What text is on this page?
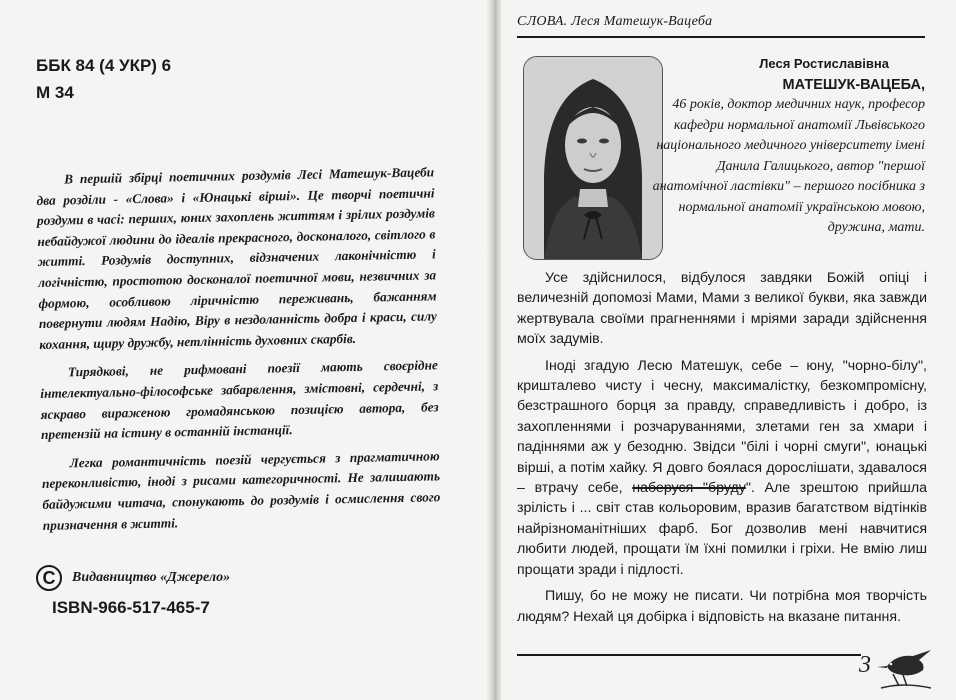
ББК 84 (4 УКР) 6
М 34

В першій збірці поетичних роздумів Лесі Матешук-Вацеби два розділи - «Слова» і «Юнацькі вірші». Це творчі поетичні роздуми в часі: перших, юних захоплень життям і зрілих роздумів небайдужої людини до ідеалів прекрасного, досконалого, світлого в житті. Роздумів доступних, відзначених лаконічністю і логічністю, простотою досконалої поетичної мови, незвичних за формою, особливою ліричністю переживань, бажанням повернути людям Надію, Віру в нездоланність добра і краси, силу кохання, щиру дружбу, нетлінність духовних скарбів.

Тирядкові, не рифмовані поезії мають своєрідне інтелектуально-філософське забарвлення, змістовні, сердечні, з яскраво вираженою громадянською позицією автора, без претензій на істину в останній інстанції.

Легка романтичність поезій чергується з прагматичною переконливістю, іноді з рисами категоричності. Не залишають байдужими читача, спонукають до роздумів і осмислення свого призначення в житті.

C	Видавництво «Джерело»
ISBN-966-517-465-7
СЛОВА. Леся Матешук-Вацеба
Леся Ростиславівна
МАТЕШУК-ВАЦЕБА,
46 років, доктор медичних наук, професор кафедри нормальної анатомії Львівського національного медичного університету імені Данила Галицького, автор "першої анатомічної ластівки" – першого посібника з нормальної анатомії українською мовою, дружина, мати.

Усе здійснилося, відбулося завдяки Божій опіці і величезній допомозі Мами, Мами з великої букви, яка завжди жертвувала своїми прагненнями і мріями заради здійснення моїх задумів.

Іноді згадую Лесю Матешук, себе – юну, "чорно-білу", кришталево чисту і чесну, максималістку, безкомпромісну, безстрашного борця за правду, справедливість і добро, із захопленнями і розчаруваннями, злетами ген за хмари і падіннями аж у безодню. Звідси "білі і чорні смуги", юнацькі вірші, а потім хайку. Я довго боялася дорослішати, здавалося – втрачу себе, наберуся "бруду". Але зрештою прийшла зрілість і ... світ став кольоровим, вразив багатством відтінків найрізноманітніших фарб. Бог дозволив мені навчитися любити людей, прощати їм їхні помилки і гріхи. Не вмію лиш прощати зради і підлості.

Пишу, бо не можу не писати. Чи потрібна моя творчість людям? Нехай ця добірка і відповість на вказане питання.

3
